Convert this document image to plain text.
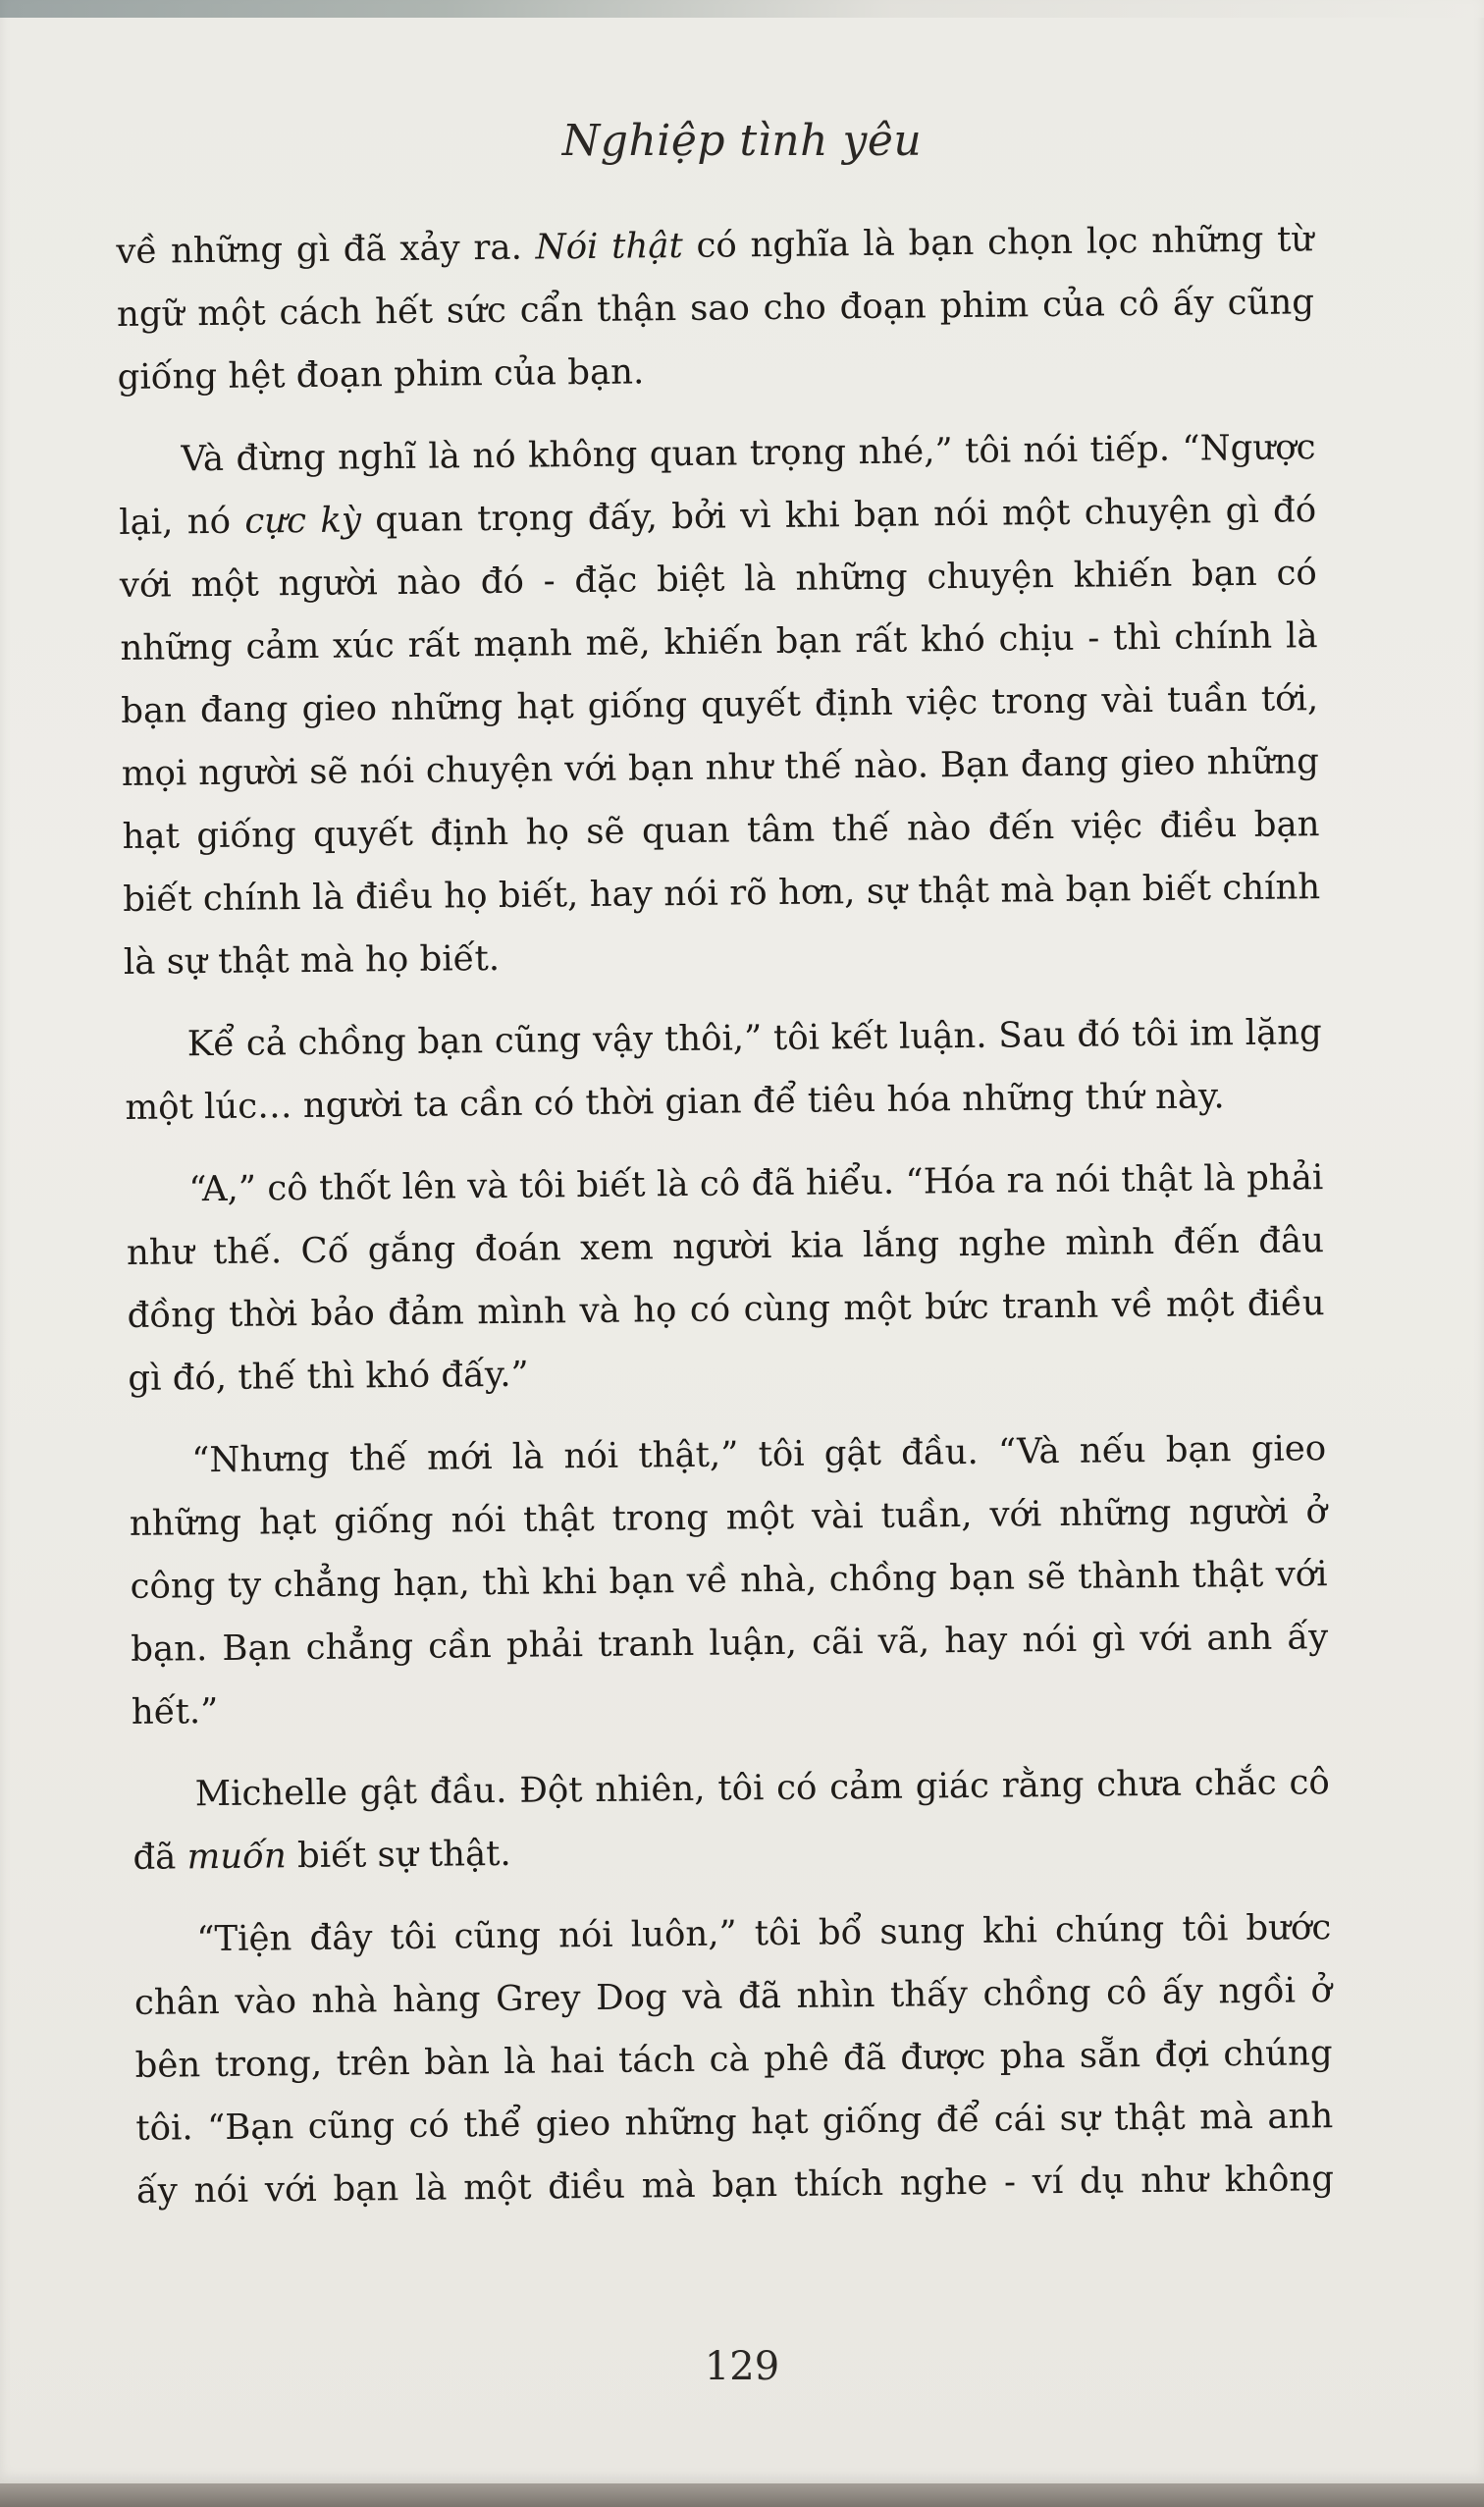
Nghiệp tình yêu

về những gì đã xảy ra. Nói thật có nghĩa là bạn chọn lọc những từ ngữ một cách hết sức cẩn thận sao cho đoạn phim của cô ấy cũng giống hệt đoạn phim của bạn.

Và đừng nghĩ là nó không quan trọng nhé,” tôi nói tiếp. “Ngược lại, nó cực kỳ quan trọng đấy, bởi vì khi bạn nói một chuyện gì đó với một người nào đó - đặc biệt là những chuyện khiến bạn có những cảm xúc rất mạnh mẽ, khiến bạn rất khó chịu - thì chính là bạn đang gieo những hạt giống quyết định việc trong vài tuần tới, mọi người sẽ nói chuyện với bạn như thế nào. Bạn đang gieo những hạt giống quyết định họ sẽ quan tâm thế nào đến việc điều bạn biết chính là điều họ biết, hay nói rõ hơn, sự thật mà bạn biết chính là sự thật mà họ biết.

Kể cả chồng bạn cũng vậy thôi,” tôi kết luận. Sau đó tôi im lặng một lúc… người ta cần có thời gian để tiêu hóa những thứ này.

“A,” cô thốt lên và tôi biết là cô đã hiểu. “Hóa ra nói thật là phải như thế. Cố gắng đoán xem người kia lắng nghe mình đến đâu đồng thời bảo đảm mình và họ có cùng một bức tranh về một điều gì đó, thế thì khó đấy.”

“Nhưng thế mới là nói thật,” tôi gật đầu. “Và nếu bạn gieo những hạt giống nói thật trong một vài tuần, với những người ở công ty chẳng hạn, thì khi bạn về nhà, chồng bạn sẽ thành thật với bạn. Bạn chẳng cần phải tranh luận, cãi vã, hay nói gì với anh ấy hết.”

Michelle gật đầu. Đột nhiên, tôi có cảm giác rằng chưa chắc cô đã muốn biết sự thật.

“Tiện đây tôi cũng nói luôn,” tôi bổ sung khi chúng tôi bước chân vào nhà hàng Grey Dog và đã nhìn thấy chồng cô ấy ngồi ở bên trong, trên bàn là hai tách cà phê đã được pha sẵn đợi chúng tôi. “Bạn cũng có thể gieo những hạt giống để cái sự thật mà anh ấy nói với bạn là một điều mà bạn thích nghe - ví dụ như không

129
